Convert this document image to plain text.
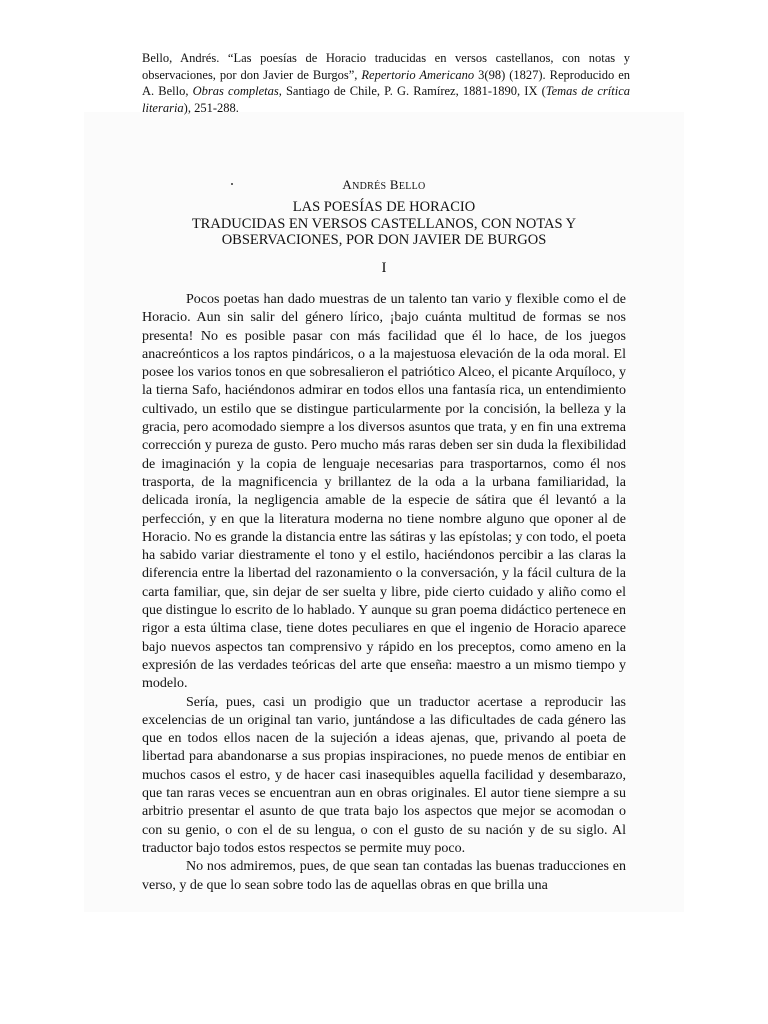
Bello, Andrés. “Las poesías de Horacio traducidas en versos castellanos, con notas y observaciones, por don Javier de Burgos”, Repertorio Americano 3(98) (1827). Reproducido en A. Bello, Obras completas, Santiago de Chile, P. G. Ramírez, 1881-1890, IX (Temas de crítica literaria), 251-288.
ANDRÉS BELLO
LAS POESÍAS DE HORACIO
TRADUCIDAS EN VERSOS CASTELLANOS, CON NOTAS Y
OBSERVACIONES, POR DON JAVIER DE BURGOS
I

Pocos poetas han dado muestras de un talento tan vario y flexible como el de Horacio. Aun sin salir del género lírico, ¡bajo cuánta multitud de formas se nos presenta! No es posible pasar con más facilidad que él lo hace, de los juegos anacreónticos a los raptos pindáricos, o a la majestuosa elevación de la oda moral. El posee los varios tonos en que sobresalieron el patriótico Alceo, el picante Arquíloco, y la tierna Safo, haciéndonos admirar en todos ellos una fantasía rica, un entendimiento cultivado, un estilo que se distingue particularmente por la concisión, la belleza y la gracia, pero acomodado siempre a los diversos asuntos que trata, y en fin una extrema corrección y pureza de gusto. Pero mucho más raras deben ser sin duda la flexibilidad de imaginación y la copia de lenguaje necesarias para trasportarnos, como él nos trasporta, de la magnificencia y brillantez de la oda a la urbana familiaridad, la delicada ironía, la negligencia amable de la especie de sátira que él levantó a la perfección, y en que la literatura moderna no tiene nombre alguno que oponer al de Horacio. No es grande la distancia entre las sátiras y las epístolas; y con todo, el poeta ha sabido variar diestramente el tono y el estilo, haciéndonos percibir a las claras la diferencia entre la libertad del razonamiento o la conversación, y la fácil cultura de la carta familiar, que, sin dejar de ser suelta y libre, pide cierto cuidado y aliño como el que distingue lo escrito de lo hablado. Y aunque su gran poema didáctico pertenece en rigor a esta última clase, tiene dotes peculiares en que el ingenio de Horacio aparece bajo nuevos aspectos tan comprensivo y rápido en los preceptos, como ameno en la expresión de las verdades teóricas del arte que enseña: maestro a un mismo tiempo y modelo.

Sería, pues, casi un prodigio que un traductor acertase a reproducir las excelencias de un original tan vario, juntándose a las dificultades de cada género las que en todos ellos nacen de la sujeción a ideas ajenas, que, privando al poeta de libertad para abandonarse a sus propias inspiraciones, no puede menos de entibiar en muchos casos el estro, y de hacer casi inasequibles aquella facilidad y desembarazo, que tan raras veces se encuentran aun en obras originales. El autor tiene siempre a su arbitrio presentar el asunto de que trata bajo los aspectos que mejor se acomodan o con su genio, o con el de su lengua, o con el gusto de su nación y de su siglo. Al traductor bajo todos estos respectos se permite muy poco.

No nos admiremos, pues, de que sean tan contadas las buenas traducciones en verso, y de que lo sean sobre todo las de aquellas obras en que brilla una
